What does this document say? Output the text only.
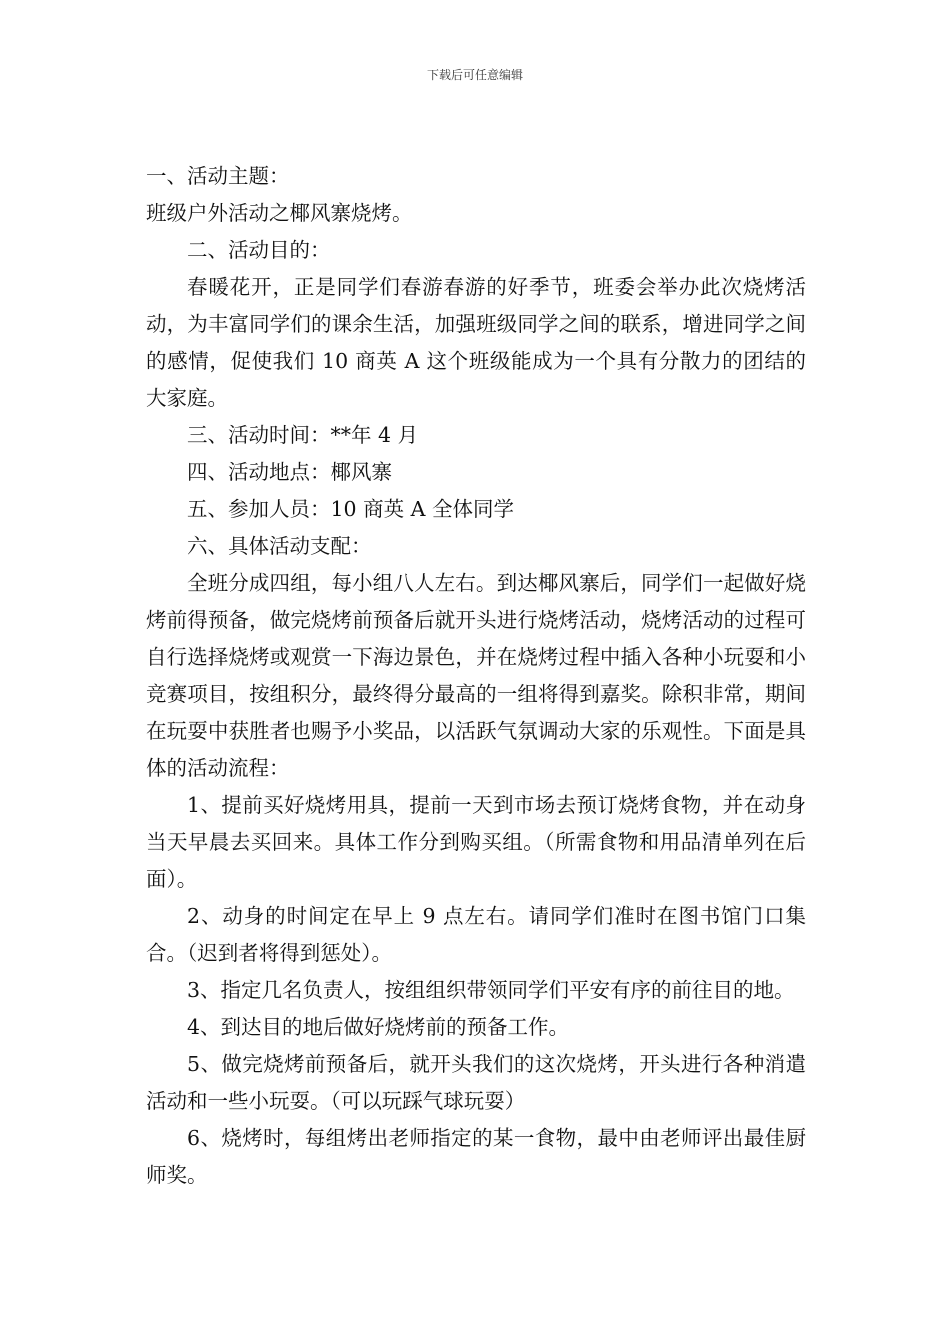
下载后可任意编辑

一、活动主题：

班级户外活动之椰风寨烧烤。

二、活动目的：

春暖花开，正是同学们春游春游的好季节，班委会举办此次烧烤活动，为丰富同学们的课余生活，加强班级同学之间的联系，增进同学之间的感情，促使我们 10 商英 A 这个班级能成为一个具有分散力的团结的大家庭。

三、活动时间：**年 4 月

四、活动地点：椰风寨

五、参加人员：10 商英 A 全体同学

六、具体活动支配：

全班分成四组，每小组八人左右。到达椰风寨后，同学们一起做好烧烤前得预备，做完烧烤前预备后就开头进行烧烤活动，烧烤活动的过程可自行选择烧烤或观赏一下海边景色，并在烧烤过程中插入各种小玩耍和小竞赛项目，按组积分，最终得分最高的一组将得到嘉奖。除积非常，期间在玩耍中获胜者也赐予小奖品，以活跃气氛调动大家的乐观性。下面是具体的活动流程：

1、提前买好烧烤用具，提前一天到市场去预订烧烤食物，并在动身当天早晨去买回来。具体工作分到购买组。（所需食物和用品清单列在后面）。

2、动身的时间定在早上 9 点左右。请同学们准时在图书馆门口集合。（迟到者将得到惩处）。

3、指定几名负责人，按组组织带领同学们平安有序的前往目的地。

4、到达目的地后做好烧烤前的预备工作。

5、做完烧烤前预备后，就开头我们的这次烧烤，开头进行各种消遣活动和一些小玩耍。（可以玩踩气球玩耍）

6、烧烤时，每组烤出老师指定的某一食物，最中由老师评出最佳厨师奖。
